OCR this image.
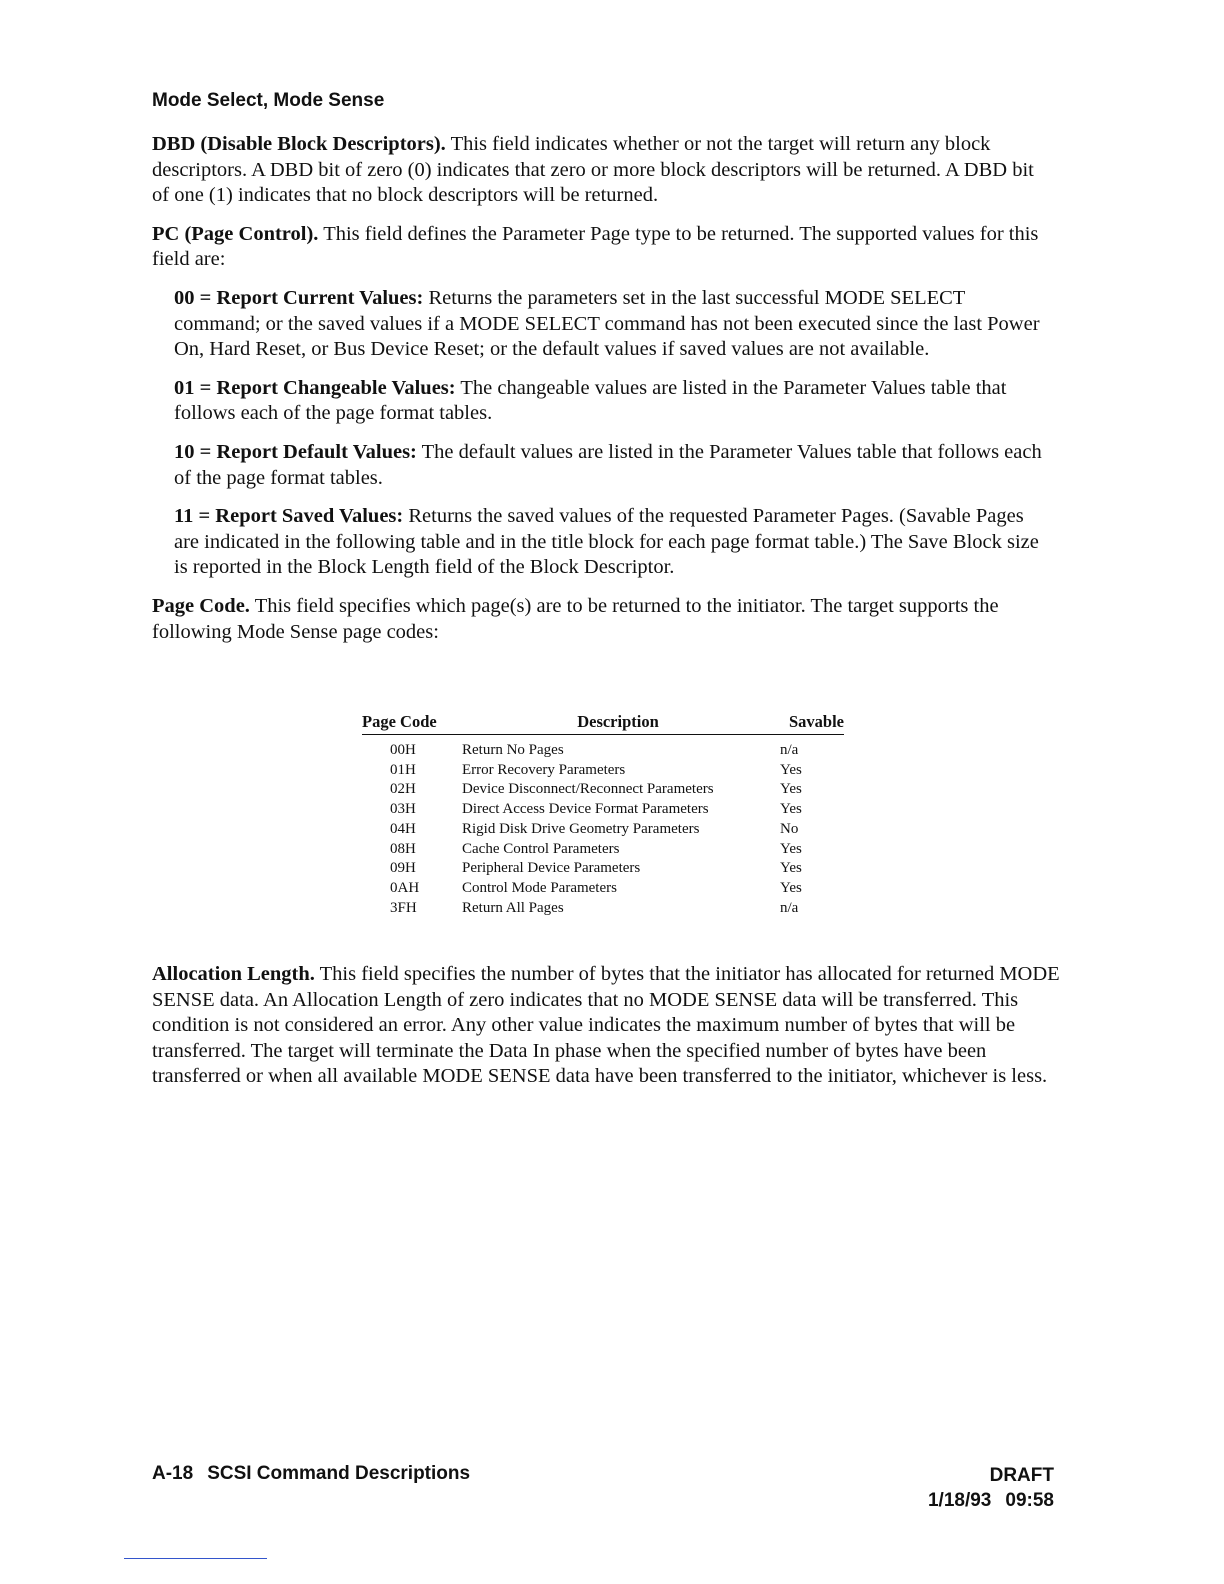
Mode Select, Mode Sense

DBD (Disable Block Descriptors). This field indicates whether or not the target will return any block descriptors. A DBD bit of zero (0) indicates that zero or more block descriptors will be returned. A DBD bit of one (1) indicates that no block descriptors will be returned.

PC (Page Control). This field defines the Parameter Page type to be returned. The supported values for this field are:

00 = Report Current Values: Returns the parameters set in the last successful MODE SELECT command; or the saved values if a MODE SELECT command has not been executed since the last Power On, Hard Reset, or Bus Device Reset; or the default values if saved values are not available.

01 = Report Changeable Values: The changeable values are listed in the Parameter Values table that follows each of the page format tables.

10 = Report Default Values: The default values are listed in the Parameter Values table that follows each of the page format tables.

11 = Report Saved Values: Returns the saved values of the requested Parameter Pages. (Savable Pages are indicated in the following table and in the title block for each page format table.) The Save Block size is reported in the Block Length field of the Block Descriptor.

Page Code. This field specifies which page(s) are to be returned to the initiator. The target supports the following Mode Sense page codes:

Page Code	Description	Savable
00H	Return No Pages	n/a
01H	Error Recovery Parameters	Yes
02H	Device Disconnect/Reconnect Parameters	Yes
03H	Direct Access Device Format Parameters	Yes
04H	Rigid Disk Drive Geometry Parameters	No
08H	Cache Control Parameters	Yes
09H	Peripheral Device Parameters	Yes
0AH	Control Mode Parameters	Yes
3FH	Return All Pages	n/a

Allocation Length. This field specifies the number of bytes that the initiator has allocated for returned MODE SENSE data. An Allocation Length of zero indicates that no MODE SENSE data will be transferred. This condition is not considered an error. Any other value indicates the maximum number of bytes that will be transferred. The target will terminate the Data In phase when the specified number of bytes have been transferred or when all available MODE SENSE data have been transferred to the initiator, whichever is less.

A-18 SCSI Command Descriptions	DRAFT
1/18/93 09:58
